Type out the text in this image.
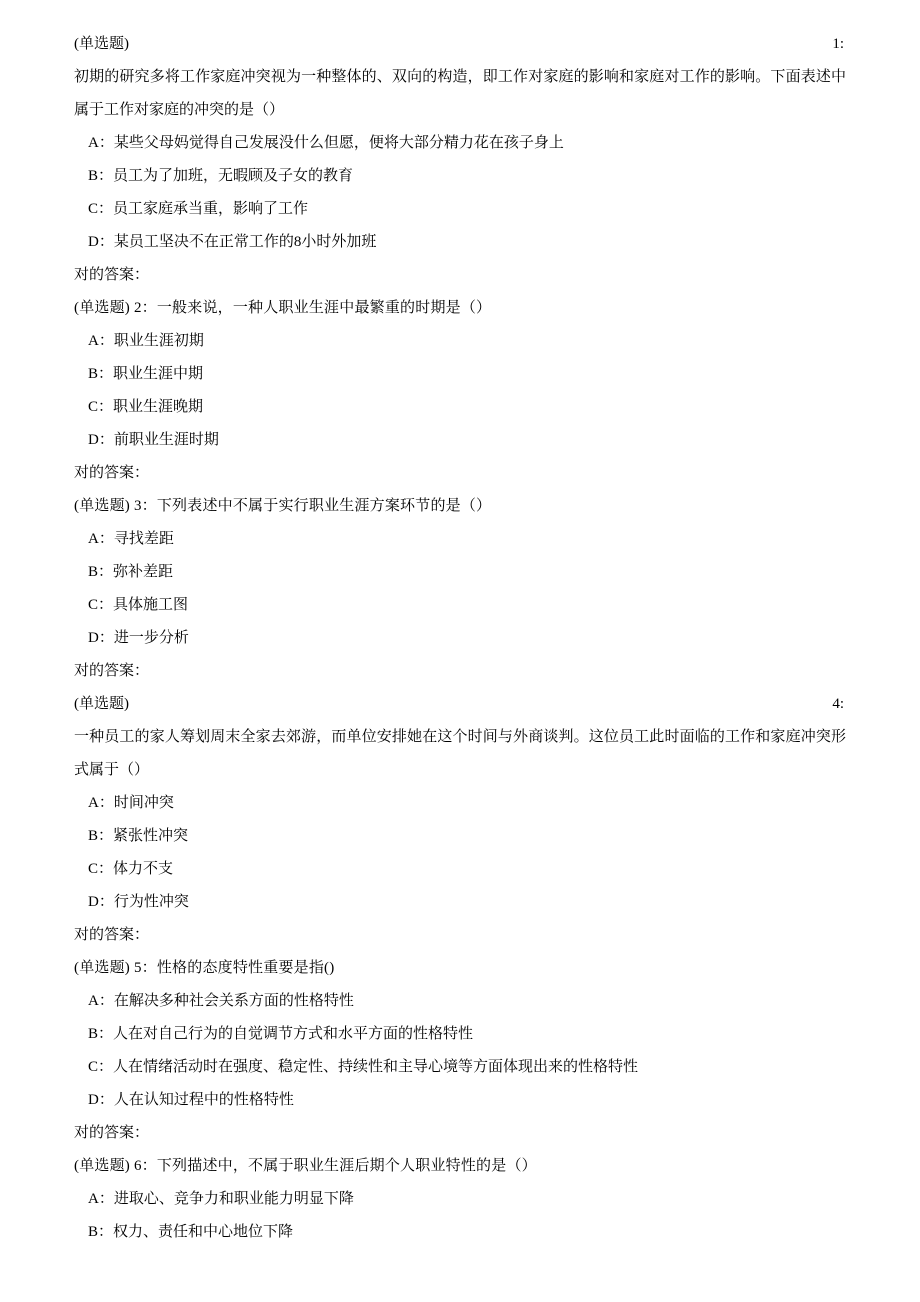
(单选题)	1:
初期的研究多将工作家庭冲突视为一种整体的、双向的构造，即工作对家庭的影响和家庭对工作的影响。下面表述中属于工作对家庭的冲突的是（）
A：某些父母妈觉得自己发展没什么但愿，便将大部分精力花在孩子身上
B：员工为了加班，无暇顾及子女的教育
C：员工家庭承当重，影响了工作
D：某员工坚决不在正常工作的8小时外加班
对的答案：
(单选题) 2：一般来说，一种人职业生涯中最繁重的时期是（）
A：职业生涯初期
B：职业生涯中期
C：职业生涯晚期
D：前职业生涯时期
对的答案：
(单选题) 3：下列表述中不属于实行职业生涯方案环节的是（）
A：寻找差距
B：弥补差距
C：具体施工图
D：进一步分析
对的答案：
(单选题)	4:
一种员工的家人筹划周末全家去郊游，而单位安排她在这个时间与外商谈判。这位员工此时面临的工作和家庭冲突形式属于（）
A：时间冲突
B：紧张性冲突
C：体力不支
D：行为性冲突
对的答案：
(单选题) 5：性格的态度特性重要是指()
A：在解决多种社会关系方面的性格特性
B：人在对自己行为的自觉调节方式和水平方面的性格特性
C：人在情绪活动时在强度、稳定性、持续性和主导心境等方面体现出来的性格特性
D：人在认知过程中的性格特性
对的答案：
(单选题) 6：下列描述中，不属于职业生涯后期个人职业特性的是（）
A：进取心、竞争力和职业能力明显下降
B：权力、责任和中心地位下降
